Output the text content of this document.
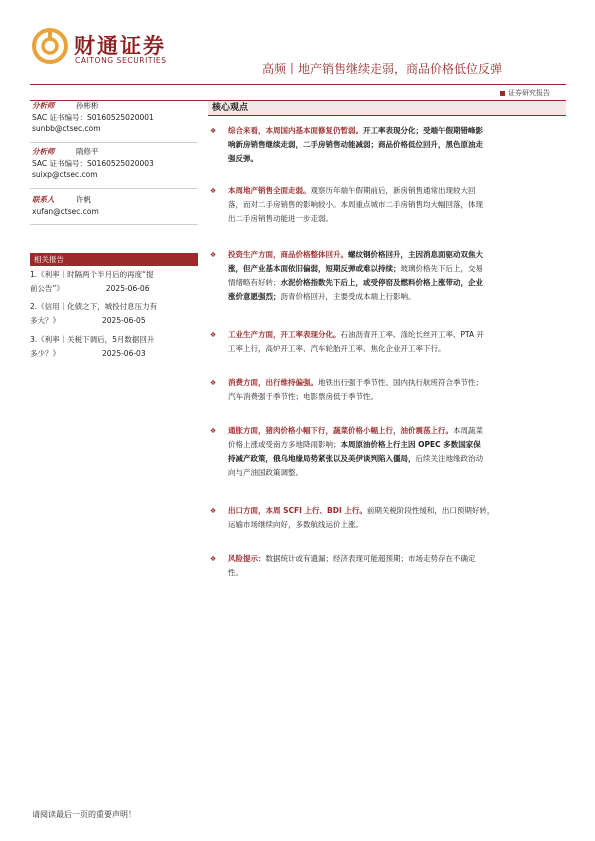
财通证券
CAITONG SECURITIES
高频丨地产销售继续走弱，商品价格低位反弹
证券研究报告
分析师	孙彬彬
SAC 证书编号：S0160525020001
sunbb@ctsec.com
分析师	隋修平
SAC 证书编号：S0160525020003
suixp@ctsec.com
联系人	许帆
xufan@ctsec.com
相关报告
1.《利率｜时隔两个半月后的再度“提
前公告”》	2025-06-06
2.《信用｜化债之下，城投付息压力有
多大？》	2025-06-05
3.《利率｜关税下调后，5月数据回升
多少？》	2025-06-03
核心观点
❖ 综合来看，本周国内基本面修复仍暂弱。开工率表现分化；受端午假期错峰影
响新房销售继续走弱，二手房销售动能减弱；商品价格低位回升，黑色原油走
强反弹。
❖ 本周地产销售全面走弱。观察历年端午假期前后，新房销售通常出现较大回
落，而对二手房销售的影响较小。本周重点城市二手房销售均大幅回落，体现
出二手房销售动能进一步走弱。
❖ 投资生产方面，商品价格整体回升。螺纹钢价格回升，主因消息面驱动双焦大
涨，但产业基本面依旧偏弱，短期反弹或难以持续；玻璃价格先下后上，交易
情绪略有好转；水泥价格指数先下后上，或受停窑及燃料价格上涨带动，企业
涨价意愿强烈；沥青价格回升，主要受成本端上行影响。
❖ 工业生产方面，开工率表现分化。石油沥青开工率、涤纶长丝开工率、PTA 开
工率上行，高炉开工率、汽车轮胎开工率、焦化企业开工率下行。
❖ 消费方面，出行维持偏强。地铁出行强于季节性、国内执行航班符合季节性；
汽车消费强于季节性；电影票房低于季节性。
❖ 通胀方面，猪肉价格小幅下行，蔬菜价格小幅上行，油价震荡上行。本周蔬菜
价格上涨或受南方多地降雨影响；本周原油价格上行主因 OPEC 多数国家保
持减产政策，俄乌地缘局势紧张以及美伊谈判陷入僵局，后续关注地缘政治动
向与产油国政策调整。
❖ 出口方面，本周 SCFI 上行、BDI 上行。前期关税阶段性缓和，出口预期好转，
运输市场继续向好，多数航线运价上涨。
❖ 风险提示：数据统计或有遗漏；经济表现可能超预期；市场走势存在不确定
性。
请阅读最后一页的重要声明！
